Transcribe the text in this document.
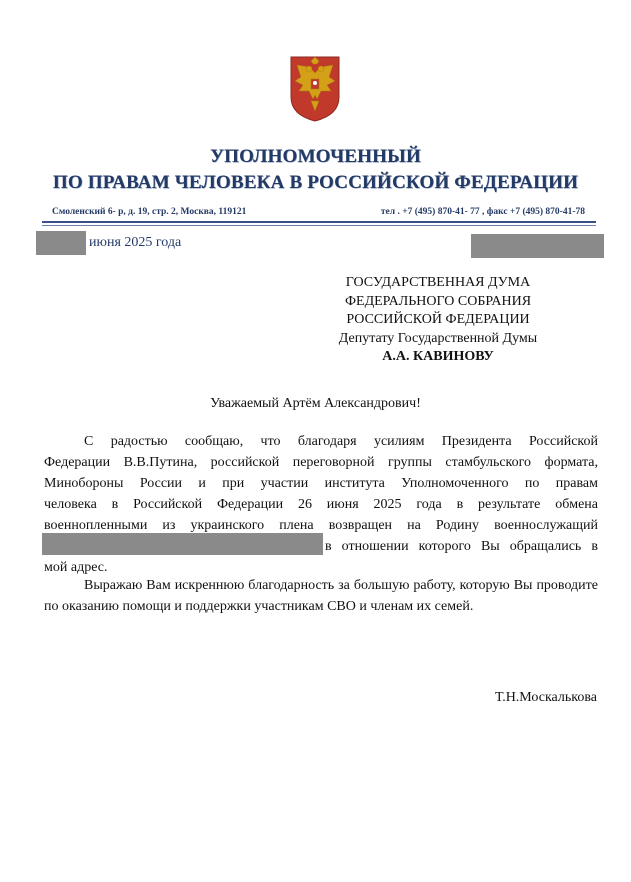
УПОЛНОМОЧЕННЫЙ
ПО ПРАВАМ ЧЕЛОВЕКА В РОССИЙСКОЙ ФЕДЕРАЦИИ
Смоленский 6- р, д. 19, стр. 2, Москва, 119121	тел . +7 (495) 870-41- 77 , факс +7 (495) 870-41-78
июня 2025 года
ГОСУДАРСТВЕННАЯ ДУМА
ФЕДЕРАЛЬНОГО СОБРАНИЯ
РОССИЙСКОЙ ФЕДЕРАЦИИ
Депутату Государственной Думы
А.А. КАВИНОВУ
Уважаемый Артём Александрович!
С радостью сообщаю, что благодаря усилиям Президента Российской
Федерации В.В.Путина, российской переговорной группы стамбульского формата,
Минобороны России и при участии института Уполномоченного по правам
человека в Российской Федерации 26 июня 2025 года в результате обмена
военнопленными из украинского плена возвращен на Родину военнослужащий
в отношении которого Вы обращались в
мой адрес.
Выражаю Вам искреннюю благодарность за большую работу, которую Вы проводите по оказанию помощи и поддержки участникам СВО и членам их семей.
Т.Н.Москалькова
